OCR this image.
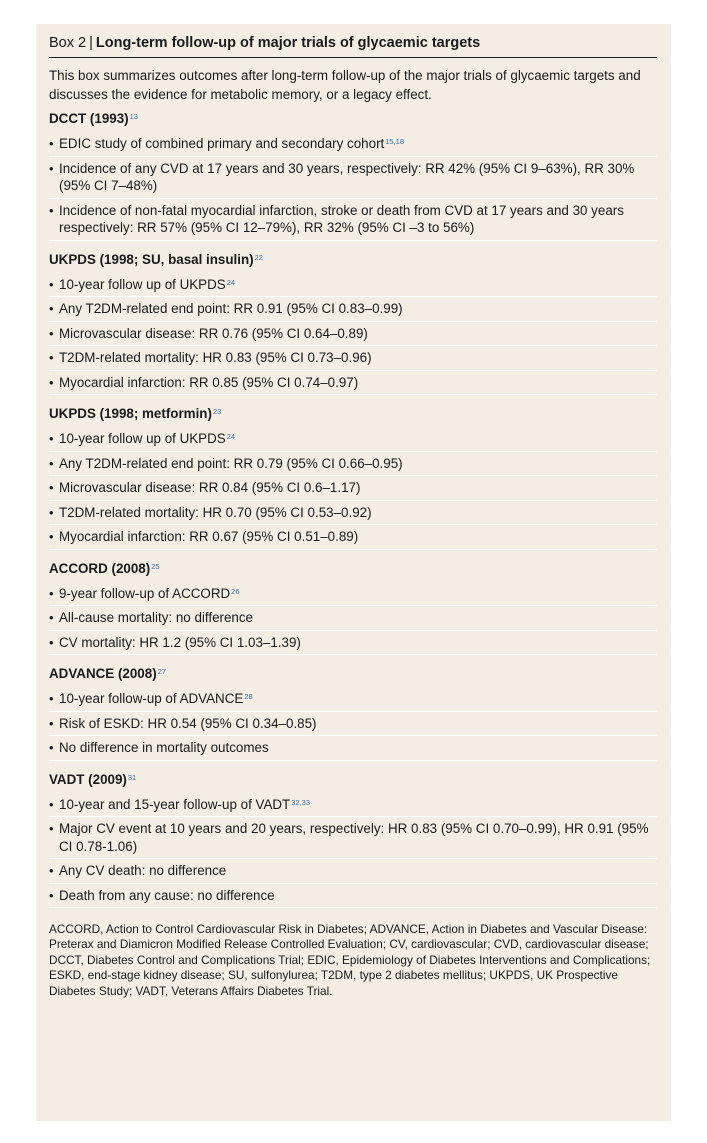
Box 2 | Long-term follow-up of major trials of glycaemic targets

This box summarizes outcomes after long-term follow-up of the major trials of glycaemic targets and discusses the evidence for metabolic memory, or a legacy effect.

DCCT $(1993)^{13}$
• EDIC study of combined primary and secondary cohort$^{15,18}$
• Incidence of any CVD at 17 years and 30 years, respectively: RR 42% (95% CI 9–63%), RR 30% (95% CI 7–48%)
• Incidence of non-fatal myocardial infarction, stroke or death from CVD at 17 years and 30 years respectively: RR 57% (95% CI 12–79%), RR 32% (95% CI –3 to 56%)
UKPDS (1998; SU, basal insulin)$^{22}$
• 10-year follow up of UKPDS$^{24}$
• Any T2DM-related end point: RR 0.91 (95% CI 0.83–0.99)
• Microvascular disease: RR 0.76 (95% CI 0.64–0.89)
• T2DM-related mortality: HR 0.83 (95% CI 0.73–0.96)
• Myocardial infarction: RR 0.85 (95% CI 0.74–0.97)
UKPDS (1998; metformin)$^{23}$
• 10-year follow up of UKPDS$^{24}$
• Any T2DM-related end point: RR 0.79 (95% CI 0.66–0.95)
• Microvascular disease: RR 0.84 (95% CI 0.6–1.17)
• T2DM-related mortality: HR 0.70 (95% CI 0.53–0.92)
• Myocardial infarction: RR 0.67 (95% CI 0.51–0.89)
ACCORD $(2008)^{25}$
• 9-year follow-up of ACCORD$^{26}$
• All-cause mortality: no difference
• CV mortality: HR 1.2 (95% CI 1.03–1.39)
ADVANCE $(2008)^{27}$
• 10-year follow-up of ADVANCE$^{28}$
• Risk of ESKD: HR 0.54 (95% CI 0.34–0.85)
• No difference in mortality outcomes
VADT $(2009)^{31}$
• 10-year and 15-year follow-up of VADT$^{32,33}$
• Major CV event at 10 years and 20 years, respectively: HR 0.83 (95% CI 0.70–0.99), HR 0.91 (95% CI 0.78-1.06)
• Any CV death: no difference
• Death from any cause: no difference

ACCORD, Action to Control Cardiovascular Risk in Diabetes; ADVANCE, Action in Diabetes and Vascular Disease: Preterax and Diamicron Modified Release Controlled Evaluation; CV, cardiovascular; CVD, cardiovascular disease; DCCT, Diabetes Control and Complications Trial; EDIC, Epidemiology of Diabetes Interventions and Complications; ESKD, end-stage kidney disease; SU, sulfonylurea; T2DM, type 2 diabetes mellitus; UKPDS, UK Prospective Diabetes Study; VADT, Veterans Affairs Diabetes Trial.
